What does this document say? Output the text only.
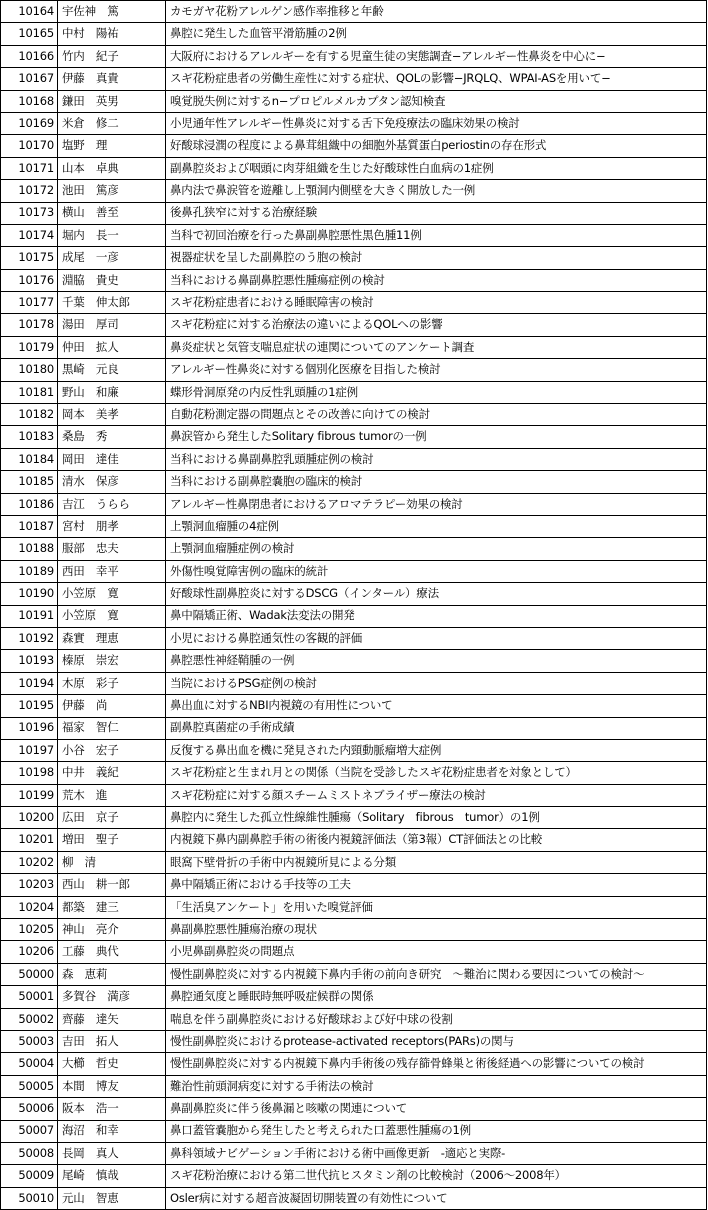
10164	宇佐神　篤	カモガヤ花粉アレルゲン感作率推移と年齢
10165	中村　陽祐	鼻腔に発生した血管平滑筋腫の2例
10166	竹内　紀子	大阪府におけるアレルギーを有する児童生徒の実態調査−アレルギー性鼻炎を中心に−
10167	伊藤　真貴	スギ花粉症患者の労働生産性に対する症状、QOLの影響−JRQLQ、WPAI-ASを用いて−
10168	鎌田　英男	嗅覚脱失例に対するn−プロピルメルカプタン認知検査
10169	米倉　修二	小児通年性アレルギー性鼻炎に対する舌下免疫療法の臨床効果の検討
10170	塩野　理	好酸球浸潤の程度による鼻茸組織中の細胞外基質蛋白periostinの存在形式
10171	山本　卓典	副鼻腔炎および咽頭に肉芽組織を生じた好酸球性白血病の1症例
10172	池田　篤彦	鼻内法で鼻涙管を遊離し上顎洞内側壁を大きく開放した一例
10173	横山　善至	後鼻孔狭窄に対する治療経験
10174	堀内　長一	当科で初回治療を行った鼻副鼻腔悪性黒色腫11例
10175	成尾　一彦	視器症状を呈した副鼻腔のう胞の検討
10176	淵脇　貴史	当科における鼻副鼻腔悪性腫瘍症例の検討
10177	千葉　伸太郎	スギ花粉症患者における睡眠障害の検討
10178	湯田　厚司	スギ花粉症に対する治療法の違いによるQOLへの影響
10179	仲田　拡人	鼻炎症状と気管支喘息症状の連関についてのアンケート調査
10180	黒崎　元良	アレルギー性鼻炎に対する個別化医療を目指した検討
10181	野山　和廉	蝶形骨洞原発の内反性乳頭腫の1症例
10182	岡本　美孝	自動花粉測定器の問題点とその改善に向けての検討
10183	桑島　秀	鼻涙管から発生したSolitary fibrous tumorの一例
10184	岡田　達佳	当科における鼻副鼻腔乳頭腫症例の検討
10185	清水　保彦	当科における副鼻腔嚢胞の臨床的検討
10186	吉江　うらら	アレルギー性鼻閉患者におけるアロマテラピー効果の検討
10187	宮村　朋孝	上顎洞血瘤腫の4症例
10188	服部　忠夫	上顎洞血瘤腫症例の検討
10189	西田　幸平	外傷性嗅覚障害例の臨床的統計
10190	小笠原　寛	好酸球性副鼻腔炎に対するDSCG（インタール）療法
10191	小笠原　寛	鼻中隔矯正術、Wadak法変法の開発
10192	森實　理恵	小児における鼻腔通気性の客観的評価
10193	榛原　崇宏	鼻腔悪性神経鞘腫の一例
10194	木原　彩子	当院におけるPSG症例の検討
10195	伊藤　尚	鼻出血に対するNBI内視鏡の有用性について
10196	福家　智仁	副鼻腔真菌症の手術成績
10197	小谷　宏子	反復する鼻出血を機に発見された内頸動脈瘤増大症例
10198	中井　義紀	スギ花粉症と生まれ月との関係（当院を受診したスギ花粉症患者を対象として）
10199	荒木　進	スギ花粉症に対する顔スチームミストネブライザー療法の検討
10200	広田　京子	鼻腔内に発生した孤立性線維性腫瘍（Solitary　fibrous　tumor）の1例
10201	増田　聖子	内視鏡下鼻内副鼻腔手術の術後内視鏡評価法（第3報）CT評価法との比較
10202	柳　清	眼窩下壁骨折の手術中内視鏡所見による分類
10203	西山　耕一郎	鼻中隔矯正術における手技等の工夫
10204	都築　建三	「生活臭アンケート」を用いた嗅覚評価
10205	神山　亮介	鼻副鼻腔悪性腫瘍治療の現状
10206	工藤　典代	小児鼻副鼻腔炎の問題点
50000	森　恵莉	慢性副鼻腔炎に対する内視鏡下鼻内手術の前向き研究　〜難治に関わる要因についての検討〜
50001	多賀谷　満彦	鼻腔通気度と睡眠時無呼吸症候群の関係
50002	齊藤　達矢	喘息を伴う副鼻腔炎における好酸球および好中球の役割
50003	吉田　拓人	慢性副鼻腔炎におけるprotease-activated receptors(PARs)の関与
50004	大櫛　哲史	慢性副鼻腔炎に対する内視鏡下鼻内手術後の残存篩骨蜂巣と術後経過への影響についての検討
50005	本間　博友	難治性前頭洞病変に対する手術法の検討
50006	阪本　浩一	鼻副鼻腔炎に伴う後鼻漏と咳嗽の関連について
50007	海沼　和幸	鼻口蓋管嚢胞から発生したと考えられた口蓋悪性腫瘍の1例
50008	長岡　真人	鼻科領域ナビゲーション手術における術中画像更新　-適応と実際-
50009	尾崎　慎哉	スギ花粉治療における第二世代抗ヒスタミン剤の比較検討（2006〜2008年）
50010	元山　智恵	Osler病に対する超音波凝固切開装置の有効性について
